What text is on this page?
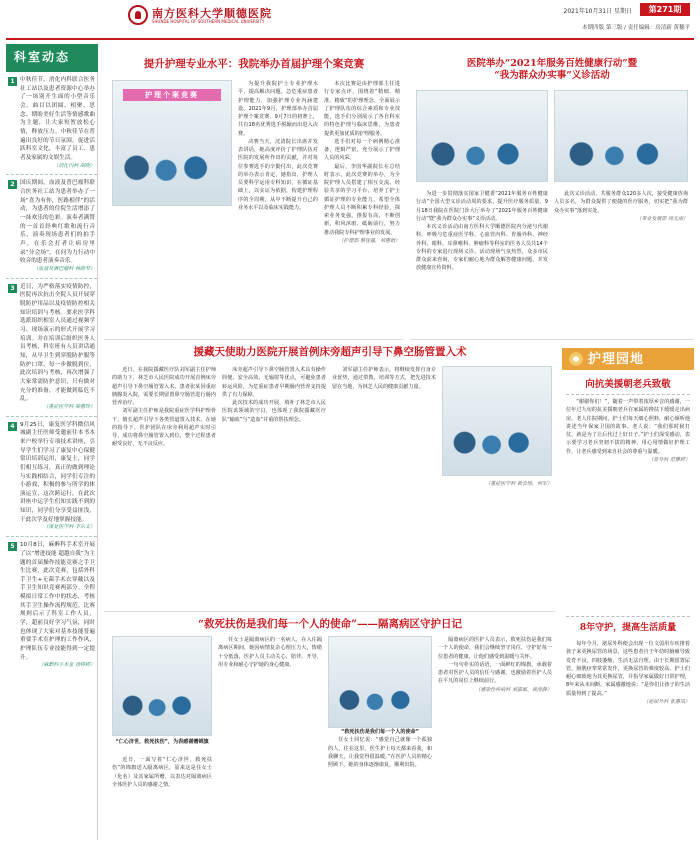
南方医科大学顺德医院
SHUNDE HOSPITAL OF SOUTHERN MEDICAL UNIVERSITY
第271期
2021年10月31日 星期日
本期四版 第三版 / 责任编辑：房清新 黄穗平
科室动态
1 中秋佳节，消化内科联合医务社工站以及患者资源中心举办了一场别开生面的小型音乐会。曲目以团圆、相聚、思念、期盼美好生活等情感歌曲为主题，让大家短暂放松心情，释放压力。中秋佳节在普遍出良好的节日氛围，促进活跃科室文化，丰富了员工、患者及家属的文娱生活。
（消化内科 胡晓）
2 国庆期间，血液及普巴瘤科联合医务社工站为患者举办了一场“喜为有你，医路相伴”的活动，为患者的住院生活增添了一抹欢乐的色彩。演奏者满赞的一首首经典红歌和流行音乐，演奏现场患者们的拍手声，在乐会打者让病房里录“分会场”，在问为力行动中收音的患者演奏音乐。
（血液及淋巴瘤科 林晓琴）
3 近日，为严格落实疫情防控，医院再次抗击全院人员开展穿脱防护用品以及疫情防控相关知识培训与考核。要求医学科选派组织相室人员通过视频学习、现场演示的形式开展学习培训。并在培训后组织医务人员考核，科室班有人员讲话通知，从早卫生到穿脱防护服等防护口罩，每一步做脱到位，此次培训与考核，再次增强了大家常需防护意识，只有做对充分的准备，才能做到临危不乱。
（重症医学科 梁惠玲）
4 9月25日，康复医学科微信风城副主任医师受邀前往本书本来户校举行专项技术讲座，引导学生们学习了康复中心保健常识培训运用，康复士，同学们相互练习，真正的做到理论与实践相结合，同学们专注的小游戏，积极的参与所学的体演运宣，这次跨运行，在此次讲座中运学生们知实践不到的知识，同学们分享受益匪浅，于此次学及好地掌握技能。
（康复医学科 李东文）
5 10月8日，麻醉科手术室开展了以“增进技能 超越自我”为主题的首届操作技能竞赛之手卫生比赛，此次竞赛，包括外科手卫生+无菌手术衣穿戴以及手卫生知识竞赛两部分。全程模拟日常工作中的状态，考核其手卫生操作流程规范。比赛规则后示了科室工作人员，学，超前良好学习气氛，同时也体现了大家对基本技能普遍重要手术室护理的工作作风，护理队伍专业技能得到一定提升。
（麻醉科手术室 徐特婷）
提升护理专业水平：我院举办首届护理个案竞赛
护理个案竞赛

为提升我院护士专业护理水平，提高解决问题、急危重症患者护理能力，加强护理专业内涵建设，2021年9月，护理部举办首届护理个案竞赛，9月7日的初赛上，共有18名优秀选手脱颖而出进入决赛。

决赛当天，沈清院长出席并发表讲话，她高度评价了护理队伍对医院的发展所作出的贡献，并对每位参赛选手的辛勤付出，此次竞赛的举办表示肯定。她指出，护理人员要科学运用专科知识，在循证基础上，以实证为依据，构建护理程序的全周期，从中不断提升自己的业务水平以及临床实践能力。

本次比赛是由护理部主任进行专家点评，围绕着“精细、精准、精致”的护理理念，全面展示了护理队伍的综合素质和专业技能，选手们分别展示了各自科室的特色护理与临床思维，为患者提供更加优质的护理服务。

选手们对每一个病例精心准备，逻辑严密，充分展示了护理人员的风采。

最后，李国华副院长在总结时表示，此次竞赛的举办，为全院护理人员搭建了相互交流、经验共享的学习平台，培养了护士循证护理的专业能力，希望全体护理人员不断积累专科经验，探索业务变强，推报有高，不断创新，积风沐雨、砥砺前行，努力推动我院专科护理事业的发展。

（护理部 蔡佳霞，刘惠娟）
医院举办“2021年服务百姓健康行动”暨
“我为群众办实事”义诊活动

为进一步贯彻落实国家卫健委“2021年服务百姓健康行动”全国大型义诊活动周的要求，提升医疗服务质量，9月18日我院在医院门诊大厅举办了“2021年服务百姓健康行动”暨“我为群众办实事”义诊活动。

本次义诊活动由南方医科大学顺德医院内分泌与代谢科、呼吸与危重症医学科、心血管内科、胃肠外科、神经外科、眼科、耳鼻喉科、肿瘤科等科室的医务人员共14个专科的专家进行现场义诊。活动现场气氛热烈，众多市民群众前来咨询，专家们耐心地为群众解答健康问题，并发放健康宣传资料。

此次义诊活动，共服务群众120多人次，接受健康咨询人员多名，为群众提供了便捷的医疗服务，切实把“我为群众办实事”落到实处。

（事业发展部 周无雨）
援藏天使助力医院开展首例床旁超声引导下鼻空肠管置入术

近日，在我院援藏医疗队刘军副主任护师的助力下，林芝市人民医院成功开展首例床旁超声引导下鼻空肠管置入术。患者张某因重症胰腺炎入院，需要长期留置鼻空肠管进行肠内营养治疗。

刘军副主任护师是我院重症医学科护理骨干，擅长超声引导下各类管道置入技术，在她的指导下，医护团队在床旁利用超声实时引导，成功将鼻空肠管置入到位，整个过程患者耐受良好，无不良反应。

床旁超声引导下鼻空肠管置入术具有操作简便、安全高效、无辐射等优点，可避免患者转运风险，为危重症患者早期肠内营养支持提供了有力保障。

此次技术的成功开展，填补了林芝市人民医院该领域的空白，也体现了我院援藏医疗队“输血”与“造血”并重的帮扶理念。

刘军副主任护师表示，将继续发挥自身专业优势，通过带教、培训等方式，把先进技术留在当地，为林芝人民的健康贡献力量。

（重症医学科 黄会珍，何军）
“救死扶伤是我们每一个人的使命”——隔离病区守护日记
“仁心济世，救死扶伤”，为表感谢赠锦旗

近日，一面写着“仁心济世，救死扶伤”的锦旗送入隔离病区，原来这是住女士（化名）及其家属所赠，以表达对隔离病区全体医护人员的感谢之情。

任女士是隔离病区的一名病人，在入住隔离病区期间，她因病情复杂心理压力大，情绪十分低落，医护人员主动关心、陪伴、开导，用专业和耐心守护她的身心健康。

“救死扶伤是我们每一个人的使命”

任女士回忆说：“感觉自己就像一个孤独的人，住在这里，医生护士每天都来看我，和我聊天，让我觉得很温暖。”在医护人员的精心照顾下，她的身体逐渐康复，顺利出院。

隔离病区的医护人员表示，救死扶伤是我们每一个人的使命，我们会继续坚守岗位，守护好每一位患者的健康，让他们感受到温暖与关怀。

一句句朴实的话语，一面鲜红的锦旗，承载着患者对医护人员的信任与感谢，也激励着医护人员在平凡的岗位上继续前行。

（感染性疾病科 刘嘉敏、黄淦静）
护理园地
向抗美援朝老兵致敬

“谢谢你们！”，随着一声带着浓厚乡音的感谢，一位年过九旬的抗美援朝老兵在家属的搀扶下缓缓走出病房。老人住院期间，护士们每天细心照料，耐心倾听他讲述当年保家卫国的故事。老人说：“我们那时候打仗，就是为了让后代过上好日子。”护士们深受感动，表示要学习老兵坚韧不拔的精神，用心用情做好护理工作，让老兵感受到来自社会的尊重与温暖。

（骨外科 范雅婷）
8年守护，提高生活质量

每年今月，泌尿外科便会出现一位文弱用车疾推着孩子来更换尿管的场景，这些患者自于年幼时脑瘫导致发育不良，四肢萎缩，生活无法自理。由于长期留置尿管，膀胱痉挛常常发作，更换尿管的难度较高。护士们耐心细致地为其更换尿管，并指导家属做好日常护理，8年来从未间断。家属感激地说：“是你们让孩子的生活质量得到了提高。”

（泌尿外科 张惠岚）
